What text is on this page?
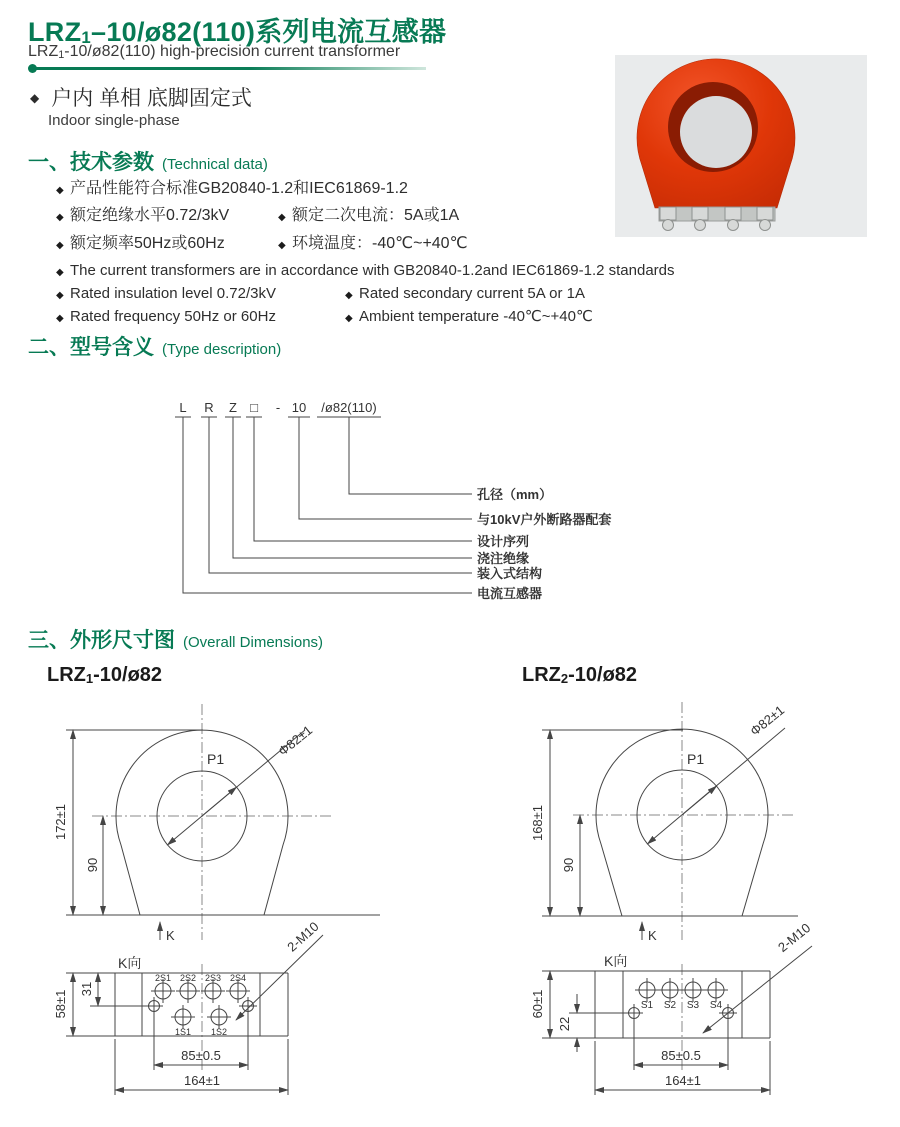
LRZ1–10/ø82(110)系列电流互感器
LRZ1-10/ø82(110) high-precision current transformer
◆ 户内 单相 底脚固定式
Indoor single-phase
一、技术参数 (Technical data)
◆ 产品性能符合标准GB20840-1.2和IEC61869-1.2
◆ 额定绝缘水平0.72/3kV	◆ 额定二次电流：5A或1A
◆ 额定频率50Hz或60Hz	◆ 环境温度：-40℃~+40℃
◆ The current transformers are in accordance with GB20840-1.2and IEC61869-1.2 standards
◆ Rated insulation level 0.72/3kV	◆ Rated secondary current 5A or 1A
◆ Rated frequency 50Hz or 60Hz	◆ Ambient temperature -40℃~+40℃
二、型号含义 (Type description)
L R Z □ - 10 /ø82(110)
孔径（mm）
与10kV户外断路器配套
设计序列
浇注绝缘
装入式结构
电流互感器
三、外形尺寸图 (Overall Dimensions)
LRZ1-10/ø82	LRZ2-10/ø82
Φ82±1
P1
172±1
90
K
K向
2S1 2S2 2S3 2S4
1S1 1S2
58±1
31
85±0.5
164±1
2-M10
Φ82±1
P1
168±1
90
K
K向
S1 S2 S3 S4
60±1
22
85±0.5
164±1
2-M10
